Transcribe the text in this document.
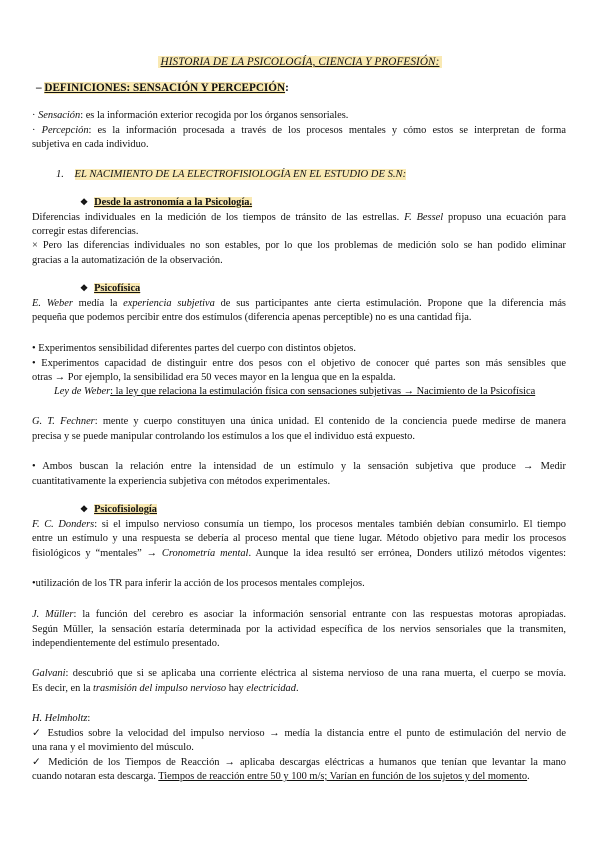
HISTORIA DE LA PSICOLOGÍA, CIENCIA Y PROFESIÓN:
– DEFINICIONES: SENSACIÓN Y PERCEPCIÓN:
· Sensación: es la información exterior recogida por los órganos sensoriales.
· Percepción: es la información procesada a través de los procesos mentales y cómo estos se interpretan de forma
subjetiva en cada individuo.
1. EL NACIMIENTO DE LA ELECTROFISIOLOGÍA EN EL ESTUDIO DE S.N:
❖ Desde la astronomía a la Psicología.
Diferencias individuales en la medición de los tiempos de tránsito de las estrellas. F. Bessel propuso una ecuación para
corregir estas diferencias.
× Pero las diferencias individuales no son estables, por lo que los problemas de medición solo se han podido eliminar
gracias a la automatización de la observación.
❖ Psicofísica
E. Weber medía la experiencia subjetiva de sus participantes ante cierta estimulación. Propone que la diferencia más
pequeña que podemos percibir entre dos estímulos (diferencia apenas perceptible) no es una cantidad fija.
• Experimentos sensibilidad diferentes partes del cuerpo con distintos objetos.
• Experimentos capacidad de distinguir entre dos pesos con el objetivo de conocer qué partes son más sensibles que
otras → Por ejemplo, la sensibilidad era 50 veces mayor en la lengua que en la espalda.
Ley de Weber: la ley que relaciona la estimulación física con sensaciones subjetivas → Nacimiento de la Psicofísica
G. T. Fechner: mente y cuerpo constituyen una única unidad. El contenido de la conciencia puede medirse de manera
precisa y se puede manipular controlando los estímulos a los que el individuo está expuesto.
• Ambos buscan la relación entre la intensidad de un estímulo y la sensación subjetiva que produce → Medir
cuantitativamente la experiencia subjetiva con métodos experimentales.
❖ Psicofisiología
F. C. Donders: si el impulso nervioso consumía un tiempo, los procesos mentales también debían consumirlo. El tiempo
entre un estímulo y una respuesta se debería al proceso mental que tiene lugar. Método objetivo para medir los procesos
fisiológicos y “mentales” → Cronometría mental. Aunque la idea resultó ser errónea, Donders utilizó métodos vigentes:
•utilización de los TR para inferir la acción de los procesos mentales complejos.
J. Müller: la función del cerebro es asociar la información sensorial entrante con las respuestas motoras apropiadas.
Según Müller, la sensación estaría determinada por la actividad específica de los nervios sensoriales que la transmiten,
independientemente del estímulo presentado.
Galvani: descubrió que si se aplicaba una corriente eléctrica al sistema nervioso de una rana muerta, el cuerpo se movía.
Es decir, en la trasmisión del impulso nervioso hay electricidad.
H. Helmholtz:
✓ Estudios sobre la velocidad del impulso nervioso → medía la distancia entre el punto de estimulación del nervio de
una rana y el movimiento del músculo.
✓ Medición de los Tiempos de Reacción → aplicaba descargas eléctricas a humanos que tenían que levantar la mano
cuando notaran esta descarga. Tiempos de reacción entre 50 y 100 m/s; Varían en función de los sujetos y del momento.
